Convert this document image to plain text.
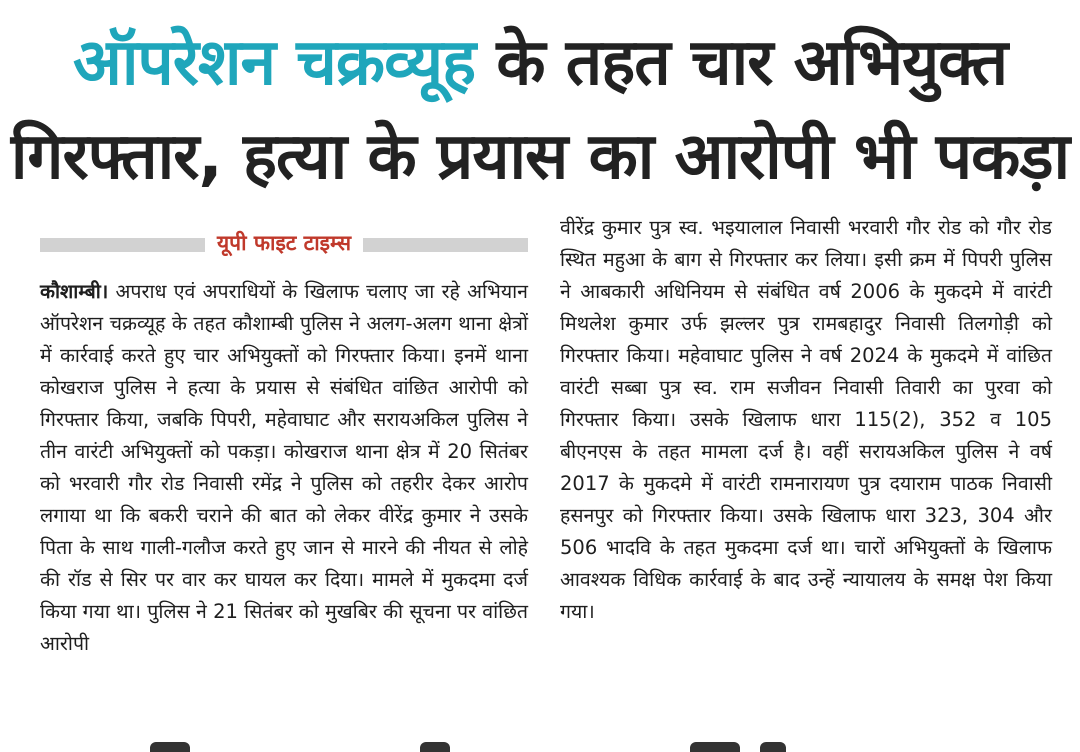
ऑपरेशन चक्रव्यूह के तहत चार अभियुक्त
गिरफ्तार, हत्या के प्रयास का आरोपी भी पकड़ा
यूपी फाइट टाइम्स
कौशाम्बी। अपराध एवं अपराधियों के खिलाफ चलाए जा रहे अभियान ऑपरेशन चक्रव्यूह के तहत कौशाम्बी पुलिस ने अलग-अलग थाना क्षेत्रों में कार्रवाई करते हुए चार अभियुक्तों को गिरफ्तार किया। इनमें थाना कोखराज पुलिस ने हत्या के प्रयास से संबंधित वांछित आरोपी को गिरफ्तार किया, जबकि पिपरी, महेवाघाट और सरायअकिल पुलिस ने तीन वारंटी अभियुक्तों को पकड़ा। कोखराज थाना क्षेत्र में 20 सितंबर को भरवारी गौर रोड निवासी रमेंद्र ने पुलिस को तहरीर देकर आरोप लगाया था कि बकरी चराने की बात को लेकर वीरेंद्र कुमार ने उसके पिता के साथ गाली-गलौज करते हुए जान से मारने की नीयत से लोहे की रॉड से सिर पर वार कर घायल कर दिया। मामले में मुकदमा दर्ज किया गया था। पुलिस ने 21 सितंबर को मुखबिर की सूचना पर वांछित आरोपी
वीरेंद्र कुमार पुत्र स्व. भइयालाल निवासी भरवारी गौर रोड को गौर रोड स्थित महुआ के बाग से गिरफ्तार कर लिया। इसी क्रम में पिपरी पुलिस ने आबकारी अधिनियम से संबंधित वर्ष 2006 के मुकदमे में वारंटी मिथलेश कुमार उर्फ झल्लर पुत्र रामबहादुर निवासी तिलगोड़ी को गिरफ्तार किया। महेवाघाट पुलिस ने वर्ष 2024 के मुकदमे में वांछित वारंटी सब्बा पुत्र स्व. राम सजीवन निवासी तिवारी का पुरवा को गिरफ्तार किया। उसके खिलाफ धारा 115(2), 352 व 105 बीएनएस के तहत मामला दर्ज है। वहीं सरायअकिल पुलिस ने वर्ष 2017 के मुकदमे में वारंटी रामनारायण पुत्र दयाराम पाठक निवासी हसनपुर को गिरफ्तार किया। उसके खिलाफ धारा 323, 304 और 506 भादवि के तहत मुकदमा दर्ज था। चारों अभियुक्तों के खिलाफ आवश्यक विधिक कार्रवाई के बाद उन्हें न्यायालय के समक्ष पेश किया गया।
